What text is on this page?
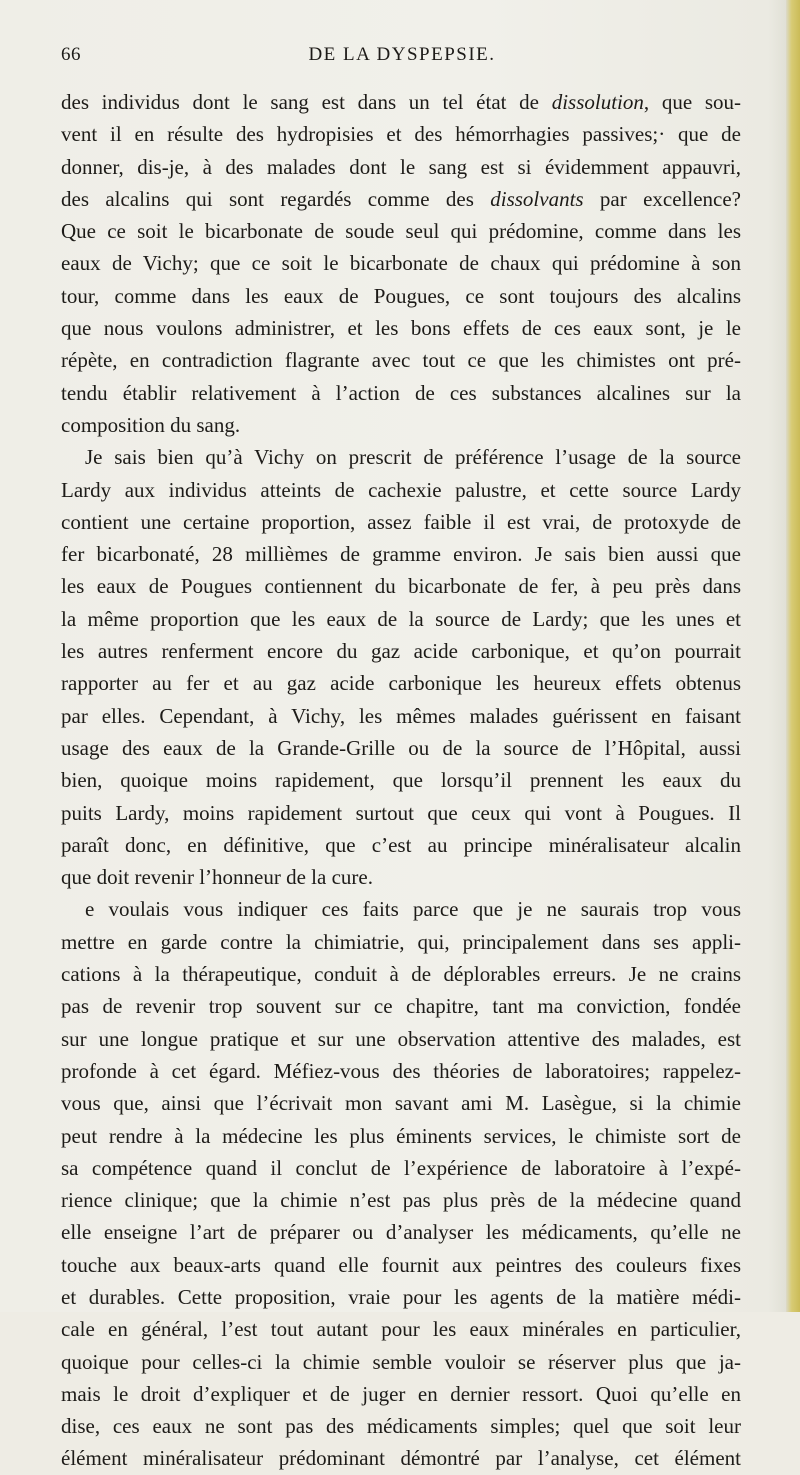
66	DE LA DYSPEPSIE.
des individus dont le sang est dans un tel état de dissolution, que sou-
vent il en résulte des hydropisies et des hémorrhagies passives;· que de
donner, dis-je, à des malades dont le sang est si évidemment appauvri,
des alcalins qui sont regardés comme des dissolvants par excellence?
Que ce soit le bicarbonate de soude seul qui prédomine, comme dans les
eaux de Vichy; que ce soit le bicarbonate de chaux qui prédomine à son
tour, comme dans les eaux de Pougues, ce sont toujours des alcalins
que nous voulons administrer, et les bons effets de ces eaux sont, je le
répète, en contradiction flagrante avec tout ce que les chimistes ont pré-
tendu établir relativement à l’action de ces substances alcalines sur la
composition du sang.
Je sais bien qu’à Vichy on prescrit de préférence l’usage de la source
Lardy aux individus atteints de cachexie palustre, et cette source Lardy
contient une certaine proportion, assez faible il est vrai, de protoxyde de
fer bicarbonaté, 28 millièmes de gramme environ. Je sais bien aussi que
les eaux de Pougues contiennent du bicarbonate de fer, à peu près dans
la même proportion que les eaux de la source de Lardy; que les unes et
les autres renferment encore du gaz acide carbonique, et qu’on pourrait
rapporter au fer et au gaz acide carbonique les heureux effets obtenus
par elles. Cependant, à Vichy, les mêmes malades guérissent en faisant
usage des eaux de la Grande-Grille ou de la source de l’Hôpital, aussi
bien, quoique moins rapidement, que lorsqu’il prennent les eaux du
puits Lardy, moins rapidement surtout que ceux qui vont à Pougues. Il
paraît donc, en définitive, que c’est au principe minéralisateur alcalin
que doit revenir l’honneur de la cure.
e voulais vous indiquer ces faits parce que je ne saurais trop vous
mettre en garde contre la chimiatrie, qui, principalement dans ses appli-
cations à la thérapeutique, conduit à de déplorables erreurs. Je ne crains
pas de revenir trop souvent sur ce chapitre, tant ma conviction, fondée
sur une longue pratique et sur une observation attentive des malades, est
profonde à cet égard. Méfiez-vous des théories de laboratoires; rappelez-
vous que, ainsi que l’écrivait mon savant ami M. Lasègue, si la chimie
peut rendre à la médecine les plus éminents services, le chimiste sort de
sa compétence quand il conclut de l’expérience de laboratoire à l’expé-
rience clinique; que la chimie n’est pas plus près de la médecine quand
elle enseigne l’art de préparer ou d’analyser les médicaments, qu’elle ne
touche aux beaux-arts quand elle fournit aux peintres des couleurs fixes
et durables. Cette proposition, vraie pour les agents de la matière médi-
cale en général, l’est tout autant pour les eaux minérales en particulier,
quoique pour celles-ci la chimie semble vouloir se réserver plus que ja-
mais le droit d’expliquer et de juger en dernier ressort. Quoi qu’elle en
dise, ces eaux ne sont pas des médicaments simples; quel que soit leur
élément minéralisateur prédominant démontré par l’analyse, cet élément
